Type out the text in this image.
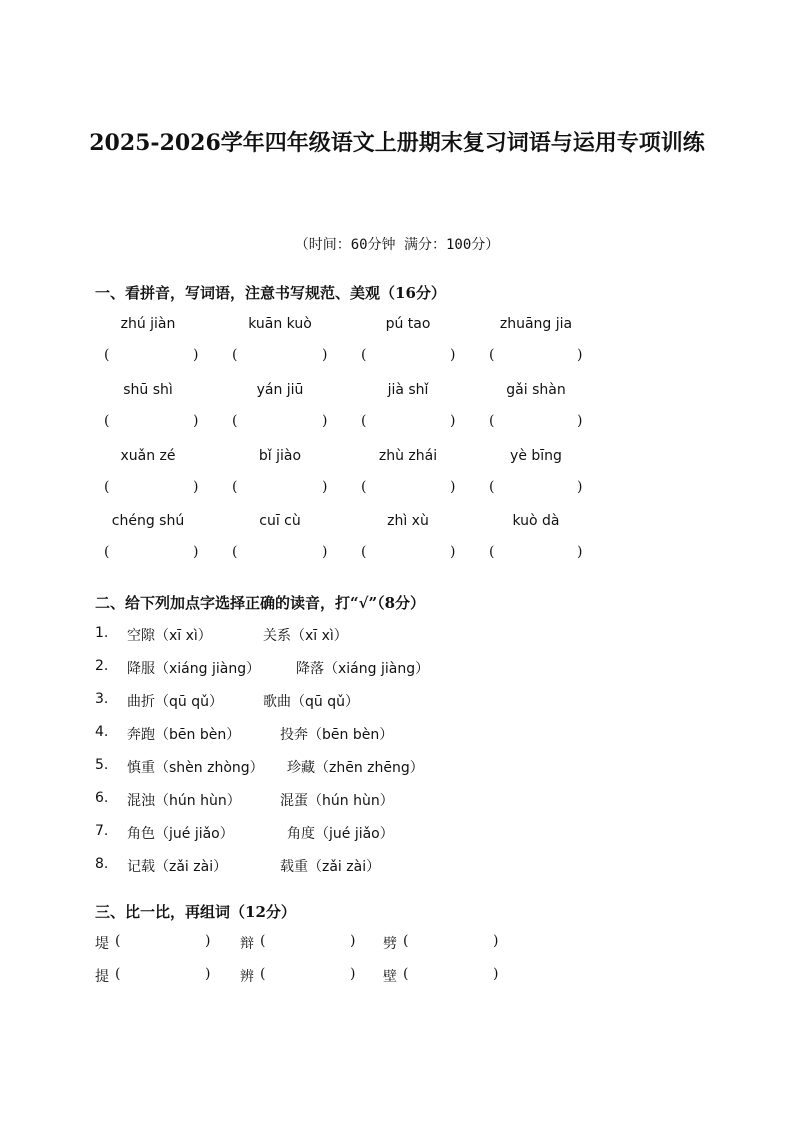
2025-2026学年四年级语文上册期末复习词语与运用专项训练
（时间：60分钟 满分：100分）
一、看拼音，写词语，注意书写规范、美观（16分）
zhú jiàn	kuān kuò	pú tao	zhuāng jia
(	) (	) (	) (	)
shū shì	yán jiū	jià shǐ	gǎi shàn
(	) (	) (	) (	)
xuǎn zé	bǐ jiào	zhù zhái	yè bīng
(	) (	) (	) (	)
chéng shú	cuī cù	zhì xù	kuò dà
(	) (	) (	) (	)
二、给下列加点字选择正确的读音，打“√”（8分）
1. 空隙（xī xì）	关系（xī xì）
2. 降服（xiáng jiàng）	降落（xiáng jiàng）
3. 曲折（qū qǔ）	歌曲（qū qǔ）
4. 奔跑（bēn bèn）	投奔（bēn bèn）
5. 慎重（shèn zhòng） 珍藏（zhēn zhēng）
6. 混浊（hún hùn）	混蛋（hún hùn）
7. 角色（jué jiǎo）	角度（jué jiǎo）
8. 记载（zǎi zài）	载重（zǎi zài）
三、比一比，再组词（12分）
堤 (	) 辩 (	) 劈 (	)
提 (	) 辨 (	) 壁 (	)
